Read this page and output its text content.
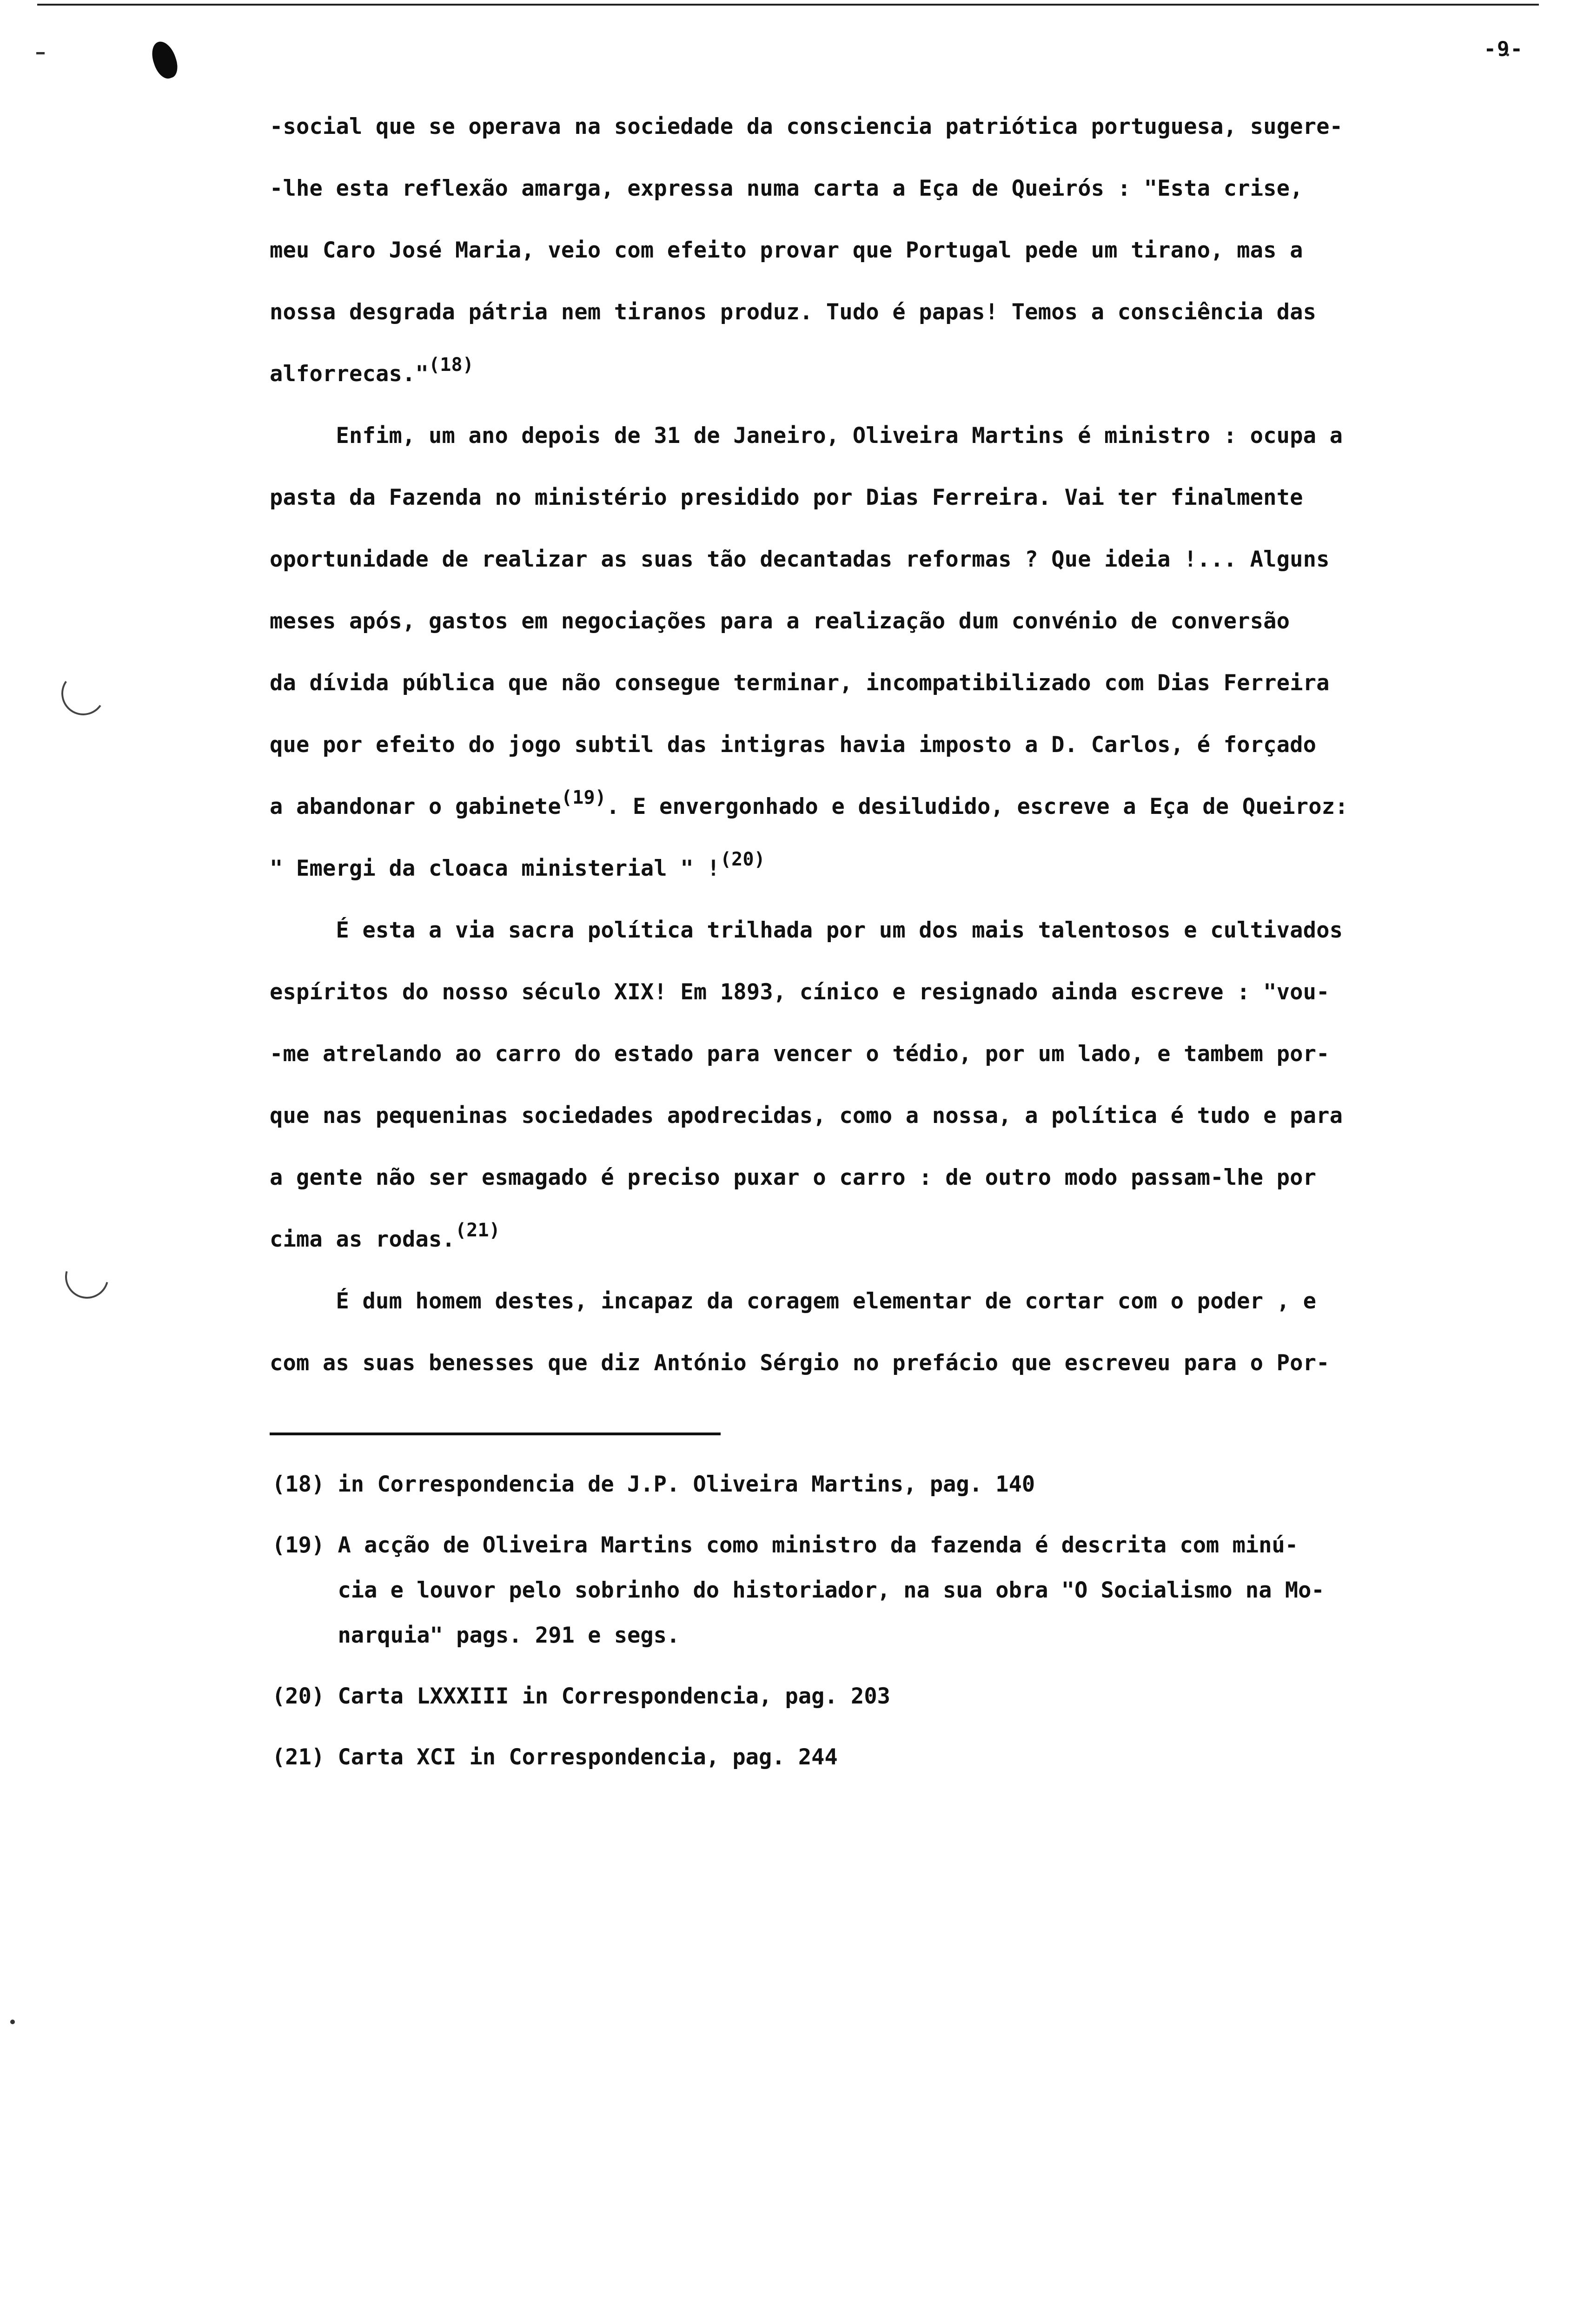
-9-
-social que se operava na sociedade da consciencia patriótica portuguesa, sugere-
-lhe esta reflexão amarga, expressa numa carta a Eça de Queirós : "Esta crise,
meu Caro José Maria, veio com efeito provar que Portugal pede um tirano, mas a
nossa desgrada pátria nem tiranos produz. Tudo é papas! Temos a consciência das
alforrecas."$^{(18)}$
Enfim, um ano depois de 31 de Janeiro, Oliveira Martins é ministro : ocupa a
pasta da Fazenda no ministério presidido por Dias Ferreira. Vai ter finalmente
oportunidade de realizar as suas tão decantadas reformas ? Que ideia !... Alguns
meses após, gastos em negociações para a realização dum convénio de conversão
da dívida pública que não consegue terminar, incompatibilizado com Dias Ferreira
que por efeito do jogo subtil das intigras havia imposto a D. Carlos, é forçado
a abandonar o gabinete$^{(19)}$. E envergonhado e desiludido, escreve a Eça de Queiroz:
" Emergi da cloaca ministerial " !$^{(20)}$
É esta a via sacra política trilhada por um dos mais talentosos e cultivados
espíritos do nosso século XIX! Em 1893, cínico e resignado ainda escreve : "vou-
-me atrelando ao carro do estado para vencer o tédio, por um lado, e tambem por-
que nas pequeninas sociedades apodrecidas, como a nossa, a política é tudo e para
a gente não ser esmagado é preciso puxar o carro : de outro modo passam-lhe por
cima as rodas.$^{(21)}$
É dum homem destes, incapaz da coragem elementar de cortar com o poder , e
com as suas benesses que diz António Sérgio no prefácio que escreveu para o Por-
(18) in Correspondencia de J.P. Oliveira Martins, pag. 140
(19) A acção de Oliveira Martins como ministro da fazenda é descrita com minú-
cia e louvor pelo sobrinho do historiador, na sua obra "O Socialismo na Mo-
narquia" pags. 291 e segs.
(20) Carta LXXXIII in Correspondencia, pag. 203
(21) Carta XCI in Correspondencia, pag. 244
